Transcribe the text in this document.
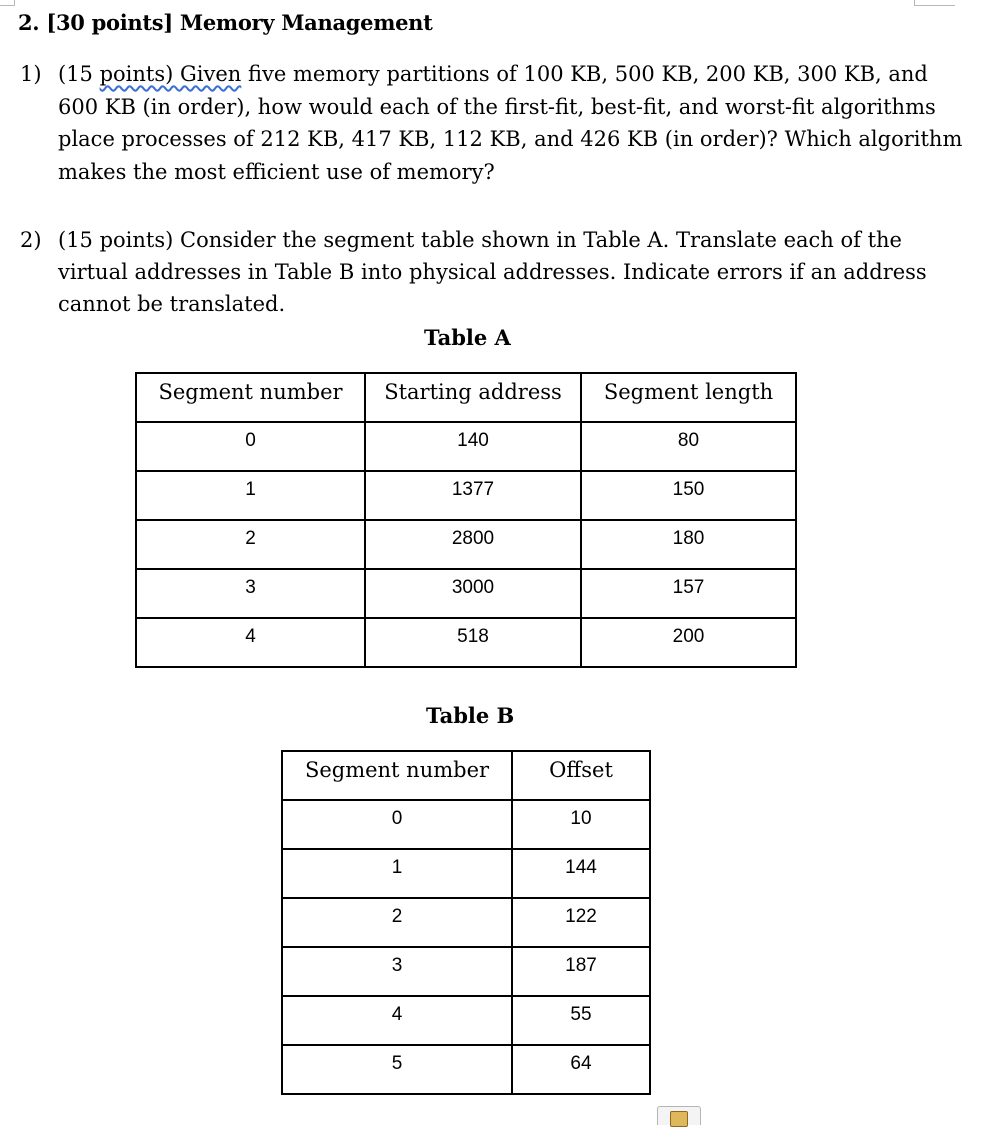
2. [30 points] Memory Management
1) (15 points) Given five memory partitions of 100 KB, 500 KB, 200 KB, 300 KB, and
600 KB (in order), how would each of the first-fit, best-fit, and worst-fit algorithms
place processes of 212 KB, 417 KB, 112 KB, and 426 KB (in order)? Which algorithm
makes the most efficient use of memory?
2) (15 points) Consider the segment table shown in Table A. Translate each of the
virtual addresses in Table B into physical addresses. Indicate errors if an address
cannot be translated.
Table A
Segment number	Starting address	Segment length
0	140	80
1	1377	150
2	2800	180
3	3000	157
4	518	200
Table B
Segment number	Offset
0	10
1	144
2	122
3	187
4	55
5	64
